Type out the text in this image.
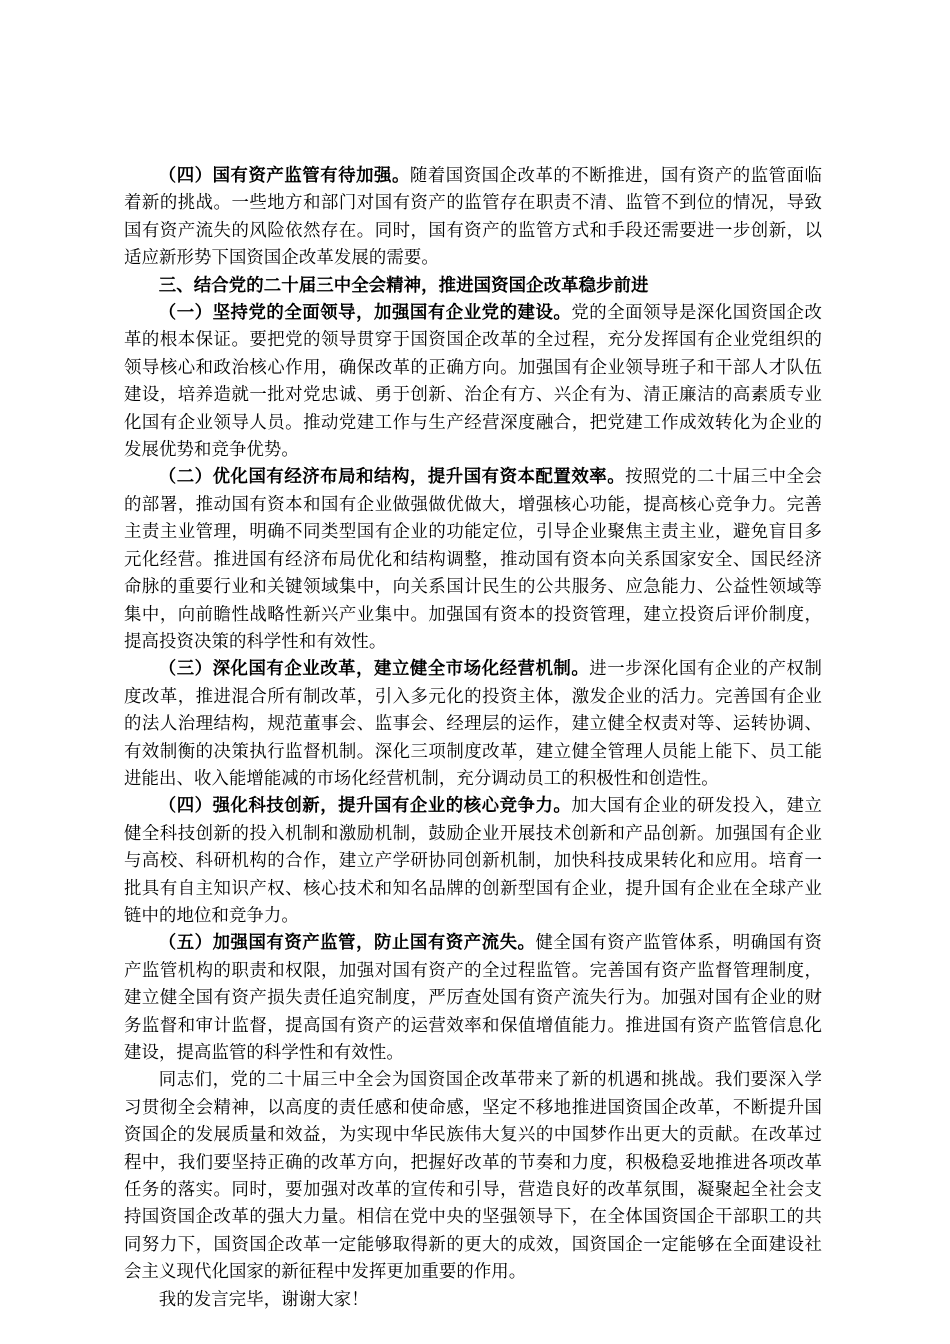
（四）国有资产监管有待加强。随着国资国企改革的不断推进，国有资产的监管面临着新的挑战。一些地方和部门对国有资产的监管存在职责不清、监管不到位的情况，导致国有资产流失的风险依然存在。同时，国有资产的监管方式和手段还需要进一步创新，以适应新形势下国资国企改革发展的需要。

三、结合党的二十届三中全会精神，推进国资国企改革稳步前进

（一）坚持党的全面领导，加强国有企业党的建设。党的全面领导是深化国资国企改革的根本保证。要把党的领导贯穿于国资国企改革的全过程，充分发挥国有企业党组织的领导核心和政治核心作用，确保改革的正确方向。加强国有企业领导班子和干部人才队伍建设，培养造就一批对党忠诚、勇于创新、治企有方、兴企有为、清正廉洁的高素质专业化国有企业领导人员。推动党建工作与生产经营深度融合，把党建工作成效转化为企业的发展优势和竞争优势。

（二）优化国有经济布局和结构，提升国有资本配置效率。按照党的二十届三中全会的部署，推动国有资本和国有企业做强做优做大，增强核心功能，提高核心竞争力。完善主责主业管理，明确不同类型国有企业的功能定位，引导企业聚焦主责主业，避免盲目多元化经营。推进国有经济布局优化和结构调整，推动国有资本向关系国家安全、国民经济命脉的重要行业和关键领域集中，向关系国计民生的公共服务、应急能力、公益性领域等集中，向前瞻性战略性新兴产业集中。加强国有资本的投资管理，建立投资后评价制度，提高投资决策的科学性和有效性。

（三）深化国有企业改革，建立健全市场化经营机制。进一步深化国有企业的产权制度改革，推进混合所有制改革，引入多元化的投资主体，激发企业的活力。完善国有企业的法人治理结构，规范董事会、监事会、经理层的运作，建立健全权责对等、运转协调、有效制衡的决策执行监督机制。深化三项制度改革，建立健全管理人员能上能下、员工能进能出、收入能增能减的市场化经营机制，充分调动员工的积极性和创造性。

（四）强化科技创新，提升国有企业的核心竞争力。加大国有企业的研发投入，建立健全科技创新的投入机制和激励机制，鼓励企业开展技术创新和产品创新。加强国有企业与高校、科研机构的合作，建立产学研协同创新机制，加快科技成果转化和应用。培育一批具有自主知识产权、核心技术和知名品牌的创新型国有企业，提升国有企业在全球产业链中的地位和竞争力。

（五）加强国有资产监管，防止国有资产流失。健全国有资产监管体系，明确国有资产监管机构的职责和权限，加强对国有资产的全过程监管。完善国有资产监督管理制度，建立健全国有资产损失责任追究制度，严厉查处国有资产流失行为。加强对国有企业的财务监督和审计监督，提高国有资产的运营效率和保值增值能力。推进国有资产监管信息化建设，提高监管的科学性和有效性。

同志们，党的二十届三中全会为国资国企改革带来了新的机遇和挑战。我们要深入学习贯彻全会精神，以高度的责任感和使命感，坚定不移地推进国资国企改革，不断提升国资国企的发展质量和效益，为实现中华民族伟大复兴的中国梦作出更大的贡献。在改革过程中，我们要坚持正确的改革方向，把握好改革的节奏和力度，积极稳妥地推进各项改革任务的落实。同时，要加强对改革的宣传和引导，营造良好的改革氛围，凝聚起全社会支持国资国企改革的强大力量。相信在党中央的坚强领导下，在全体国资国企干部职工的共同努力下，国资国企改革一定能够取得新的更大的成效，国资国企一定能够在全面建设社会主义现代化国家的新征程中发挥更加重要的作用。

我的发言完毕，谢谢大家！
